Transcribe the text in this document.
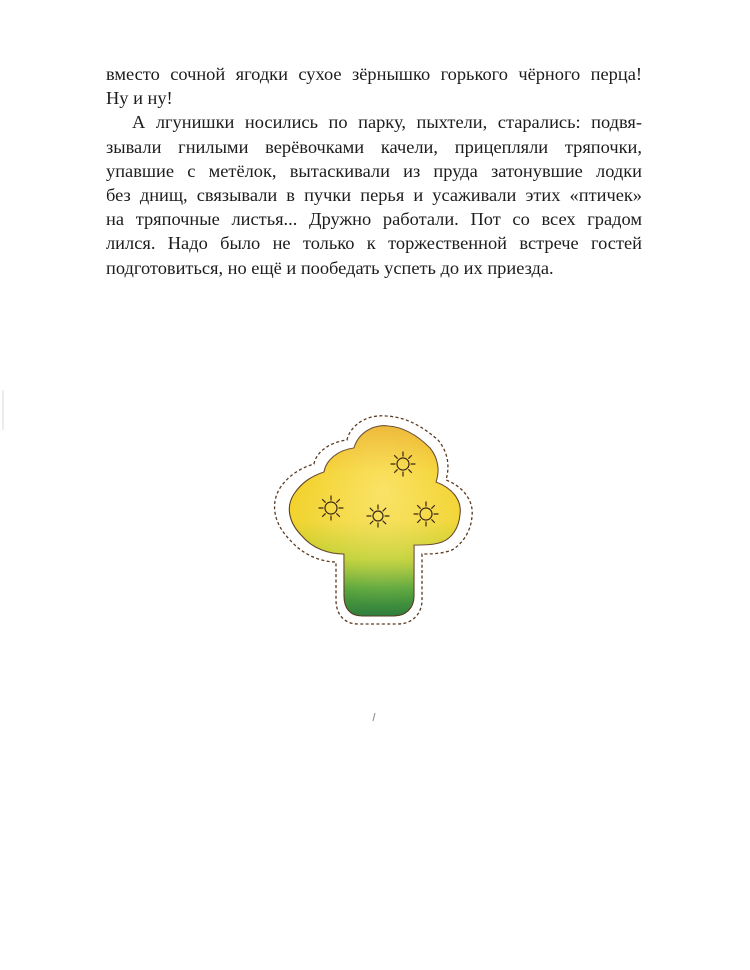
вместо сочной ягодки сухое зёрнышко горького чёрного перца!
Ну и ну!
А лгунишки носились по парку, пыхтели, старались: подвя-
зывали гнилыми верёвочками качели, прицепляли тряпочки,
упавшие с метёлок, вытаскивали из пруда затонувшие лодки
без днищ, связывали в пучки перья и усаживали этих «птичек»
на тряпочные листья... Дружно работали. Пот со всех градом
лился. Надо было не только к торжественной встрече гостей
подготовиться, но ещё и пообедать успеть до их приезда.
